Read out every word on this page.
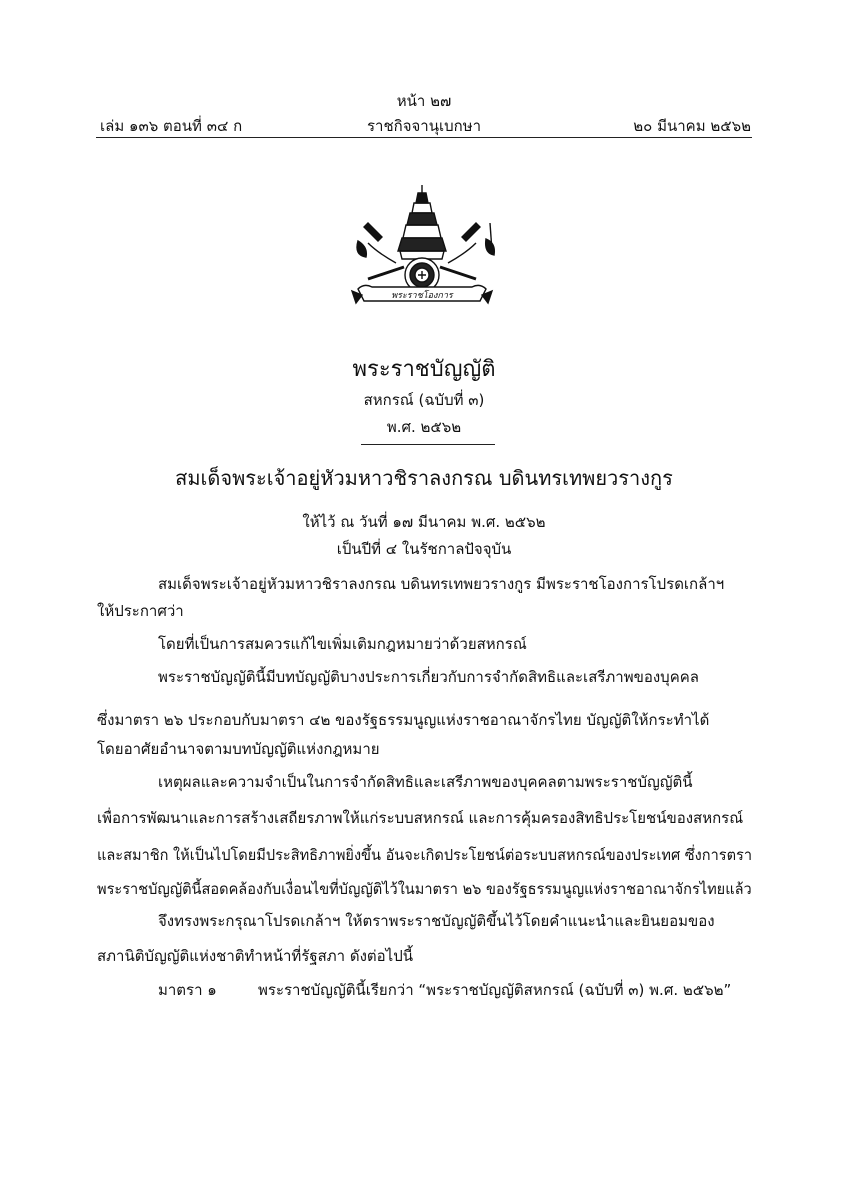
หน้า ๒๗
เล่ม ๑๓๖ ตอนที่ ๓๔ ก	ราชกิจจานุเบกษา	๒๐ มีนาคม ๒๕๖๒
พระราชโองการ
พระราชบัญญัติ
สหกรณ์ (ฉบับที่ ๓)
พ.ศ. ๒๕๖๒
สมเด็จพระเจ้าอยู่หัวมหาวชิราลงกรณ บดินทรเทพยวรางกูร
ให้ไว้ ณ วันที่ ๑๗ มีนาคม พ.ศ. ๒๕๖๒
เป็นปีที่ ๔ ในรัชกาลปัจจุบัน
สมเด็จพระเจ้าอยู่หัวมหาวชิราลงกรณ บดินทรเทพยวรางกูร มีพระราชโองการโปรดเกล้าฯ
ให้ประกาศว่า
โดยที่เป็นการสมควรแก้ไขเพิ่มเติมกฎหมายว่าด้วยสหกรณ์
พระราชบัญญัตินี้มีบทบัญญัติบางประการเกี่ยวกับการจำกัดสิทธิและเสรีภาพของบุคคล
ซึ่งมาตรา ๒๖ ประกอบกับมาตรา ๔๒ ของรัฐธรรมนูญแห่งราชอาณาจักรไทย บัญญัติให้กระทำได้
โดยอาศัยอำนาจตามบทบัญญัติแห่งกฎหมาย
เหตุผลและความจำเป็นในการจำกัดสิทธิและเสรีภาพของบุคคลตามพระราชบัญญัตินี้
เพื่อการพัฒนาและการสร้างเสถียรภาพให้แก่ระบบสหกรณ์ และการคุ้มครองสิทธิประโยชน์ของสหกรณ์
และสมาชิก ให้เป็นไปโดยมีประสิทธิภาพยิ่งขึ้น อันจะเกิดประโยชน์ต่อระบบสหกรณ์ของประเทศ ซึ่งการตรา
พระราชบัญญัตินี้สอดคล้องกับเงื่อนไขที่บัญญัติไว้ในมาตรา ๒๖ ของรัฐธรรมนูญแห่งราชอาณาจักรไทยแล้ว
จึงทรงพระกรุณาโปรดเกล้าฯ ให้ตราพระราชบัญญัติขึ้นไว้โดยคำแนะนำและยินยอมของ
สภานิติบัญญัติแห่งชาติทำหน้าที่รัฐสภา ดังต่อไปนี้
มาตรา ๑	พระราชบัญญัตินี้เรียกว่า “พระราชบัญญัติสหกรณ์ (ฉบับที่ ๓) พ.ศ. ๒๕๖๒”
